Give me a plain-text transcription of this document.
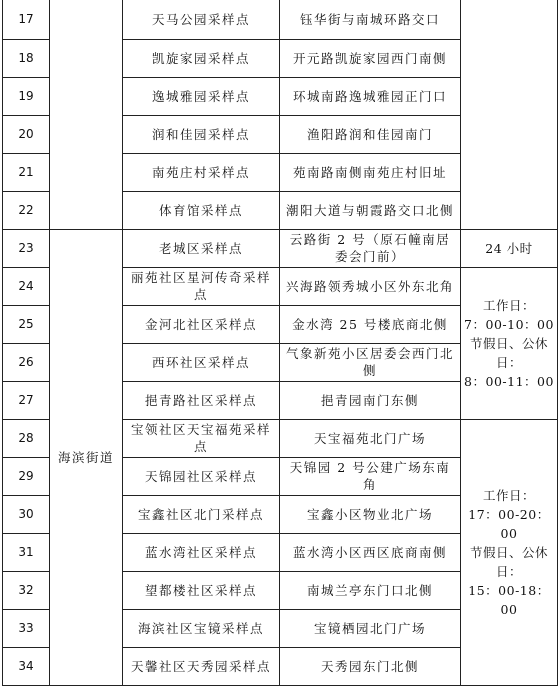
17		天马公园采样点	钰华街与南城环路交口	
18		凯旋家园采样点	开元路凯旋家园西门南侧	
19		逸城雅园采样点	环城南路逸城雅园正门口	
20		润和佳园采样点	渔阳路润和佳园南门	
21		南苑庄村采样点	苑南路南侧南苑庄村旧址	
22		体育馆采样点	潮阳大道与朝霞路交口北侧	
23	海滨街道	老城区采样点	云路街 2 号（原石幢南居委会门前）	24 小时
24		丽苑社区星河传奇采样点	兴海路领秀城小区外东北角	工作日：
7：00-10：00
节假日、公休日：
8：00-11：00
25		金河北社区采样点	金水湾 25 号楼底商北侧	
26		西环社区采样点	气象新苑小区居委会西门北侧	
27		挹青路社区采样点	挹青园南门东侧	
28		宝领社区天宝福苑采样点	天宝福苑北门广场	工作日：
17：00-20：00
节假日、公休日：
15：00-18：00
29		天锦园社区采样点	天锦园 2 号公建广场东南角	
30		宝鑫社区北门采样点	宝鑫小区物业北广场	
31		蓝水湾社区采样点	蓝水湾小区西区底商南侧	
32		望都楼社区采样点	南城兰亭东门口北侧	
33		海滨社区宝镜采样点	宝镜栖园北门广场	
34		天馨社区天秀园采样点	天秀园东门北侧	
